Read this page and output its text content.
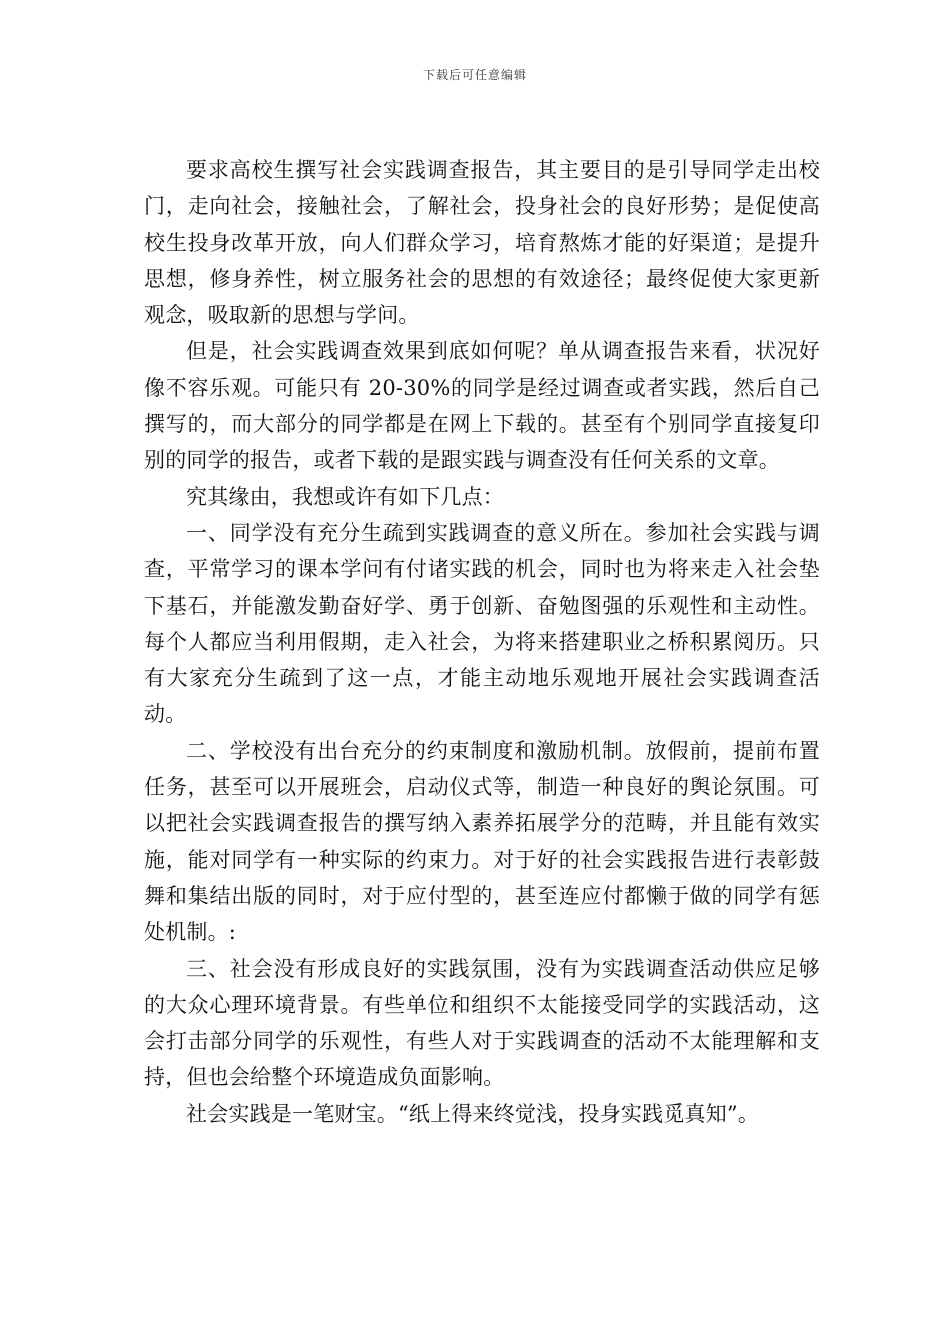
下载后可任意编辑

要求高校生撰写社会实践调查报告，其主要目的是引导同学走出校门，走向社会，接触社会，了解社会，投身社会的良好形势；是促使高校生投身改革开放，向人们群众学习，培育熬炼才能的好渠道；是提升思想，修身养性，树立服务社会的思想的有效途径；最终促使大家更新观念，吸取新的思想与学问。

但是，社会实践调查效果到底如何呢？单从调查报告来看，状况好像不容乐观。可能只有 20-30%的同学是经过调查或者实践，然后自己撰写的，而大部分的同学都是在网上下载的。甚至有个别同学直接复印别的同学的报告，或者下载的是跟实践与调查没有任何关系的文章。

究其缘由，我想或许有如下几点：

一、同学没有充分生疏到实践调查的意义所在。参加社会实践与调查，平常学习的课本学问有付诸实践的机会，同时也为将来走入社会垫下基石，并能激发勤奋好学、勇于创新、奋勉图强的乐观性和主动性。每个人都应当利用假期，走入社会，为将来搭建职业之桥积累阅历。只有大家充分生疏到了这一点，才能主动地乐观地开展社会实践调查活动。

二、学校没有出台充分的约束制度和激励机制。放假前，提前布置任务，甚至可以开展班会，启动仪式等，制造一种良好的舆论氛围。可以把社会实践调查报告的撰写纳入素养拓展学分的范畴，并且能有效实施，能对同学有一种实际的约束力。对于好的社会实践报告进行表彰鼓舞和集结出版的同时，对于应付型的，甚至连应付都懒于做的同学有惩处机制。:

三、社会没有形成良好的实践氛围，没有为实践调查活动供应足够的大众心理环境背景。有些单位和组织不太能接受同学的实践活动，这会打击部分同学的乐观性，有些人对于实践调查的活动不太能理解和支持，但也会给整个环境造成负面影响。

社会实践是一笔财宝。“纸上得来终觉浅，投身实践觅真知”。
